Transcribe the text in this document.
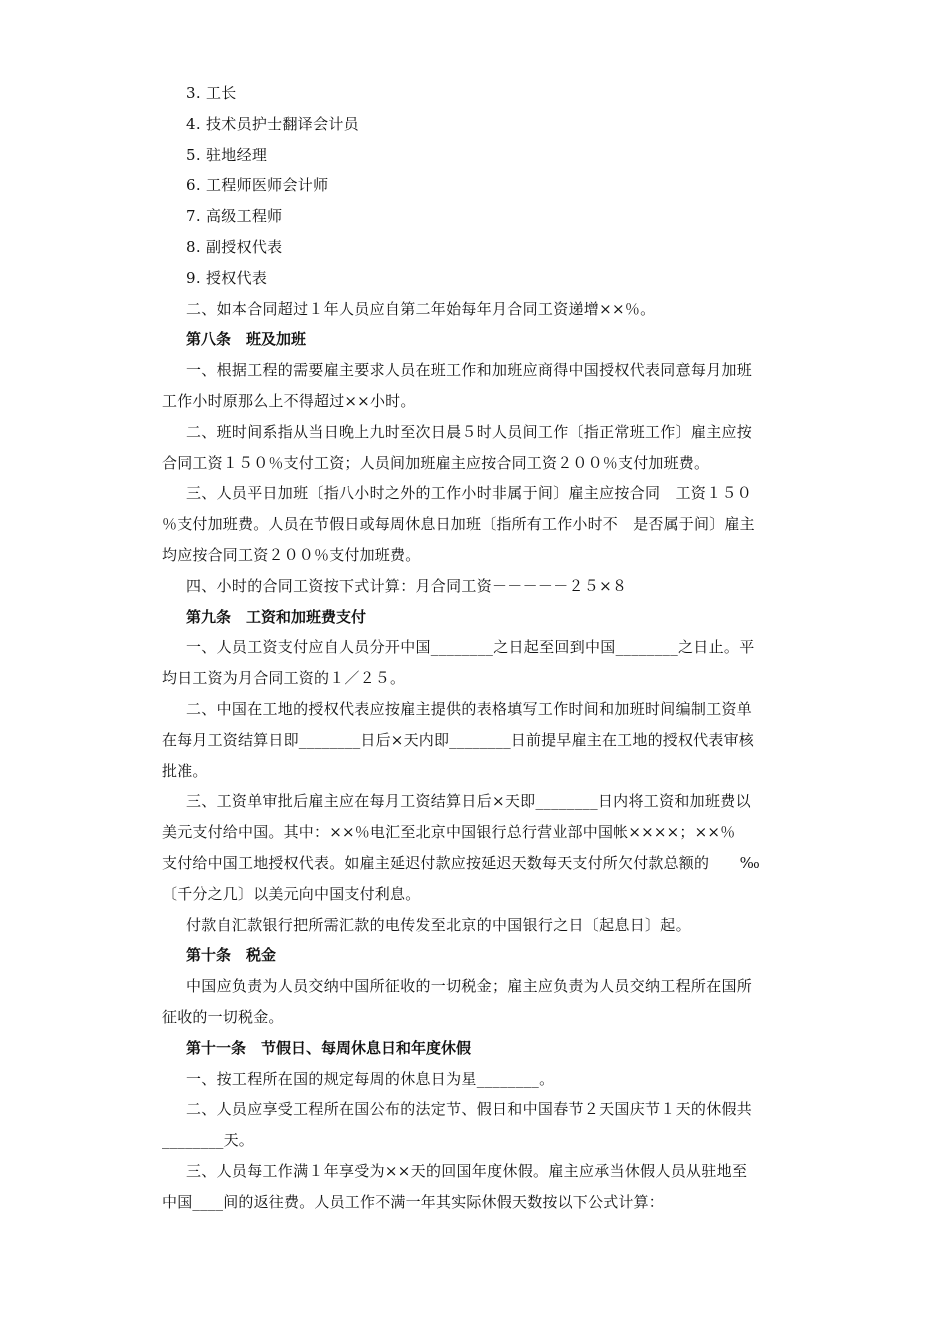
3. 工长
4. 技术员护士翻译会计员
5. 驻地经理
6. 工程师医师会计师
7. 高级工程师
8. 副授权代表
9. 授权代表
二、如本合同超过１年人员应自第二年始每年月合同工资递增××％。
第八条　班及加班
一、根据工程的需要雇主要求人员在班工作和加班应商得中国授权代表同意每月加班
工作小时原那么上不得超过××小时。
二、班时间系指从当日晚上九时至次日晨５时人员间工作〔指正常班工作〕雇主应按
合同工资１５０％支付工资；人员间加班雇主应按合同工资２００％支付加班费。
三、人员平日加班〔指八小时之外的工作小时非属于间〕雇主应按合同　工资１５０
％支付加班费。人员在节假日或每周休息日加班〔指所有工作小时不　是否属于间〕雇主
均应按合同工资２００％支付加班费。
四、小时的合同工资按下式计算：月合同工资－－－－－２５×８
第九条　工资和加班费支付
一、人员工资支付应自人员分开中国________之日起至回到中国________之日止。平
均日工资为月合同工资的１／２５。
二、中国在工地的授权代表应按雇主提供的表格填写工作时间和加班时间编制工资单
在每月工资结算日即________日后×天内即________日前提早雇主在工地的授权代表审核
批准。
三、工资单审批后雇主应在每月工资结算日后×天即________日内将工资和加班费以
美元支付给中国。其中：××％电汇至北京中国银行总行营业部中国帐××××；××％
支付给中国工地授权代表。如雇主延迟付款应按延迟天数每天支付所欠付款总额的　　‰
〔千分之几〕以美元向中国支付利息。
付款自汇款银行把所需汇款的电传发至北京的中国银行之日〔起息日〕起。
第十条　税金
中国应负责为人员交纳中国所征收的一切税金；雇主应负责为人员交纳工程所在国所
征收的一切税金。
第十一条　节假日、每周休息日和年度休假
一、按工程所在国的规定每周的休息日为星________。
二、人员应享受工程所在国公布的法定节、假日和中国春节２天国庆节１天的休假共
________天。
三、人员每工作满１年享受为××天的回国年度休假。雇主应承当休假人员从驻地至
中国____间的返往费。人员工作不满一年其实际休假天数按以下公式计算：
